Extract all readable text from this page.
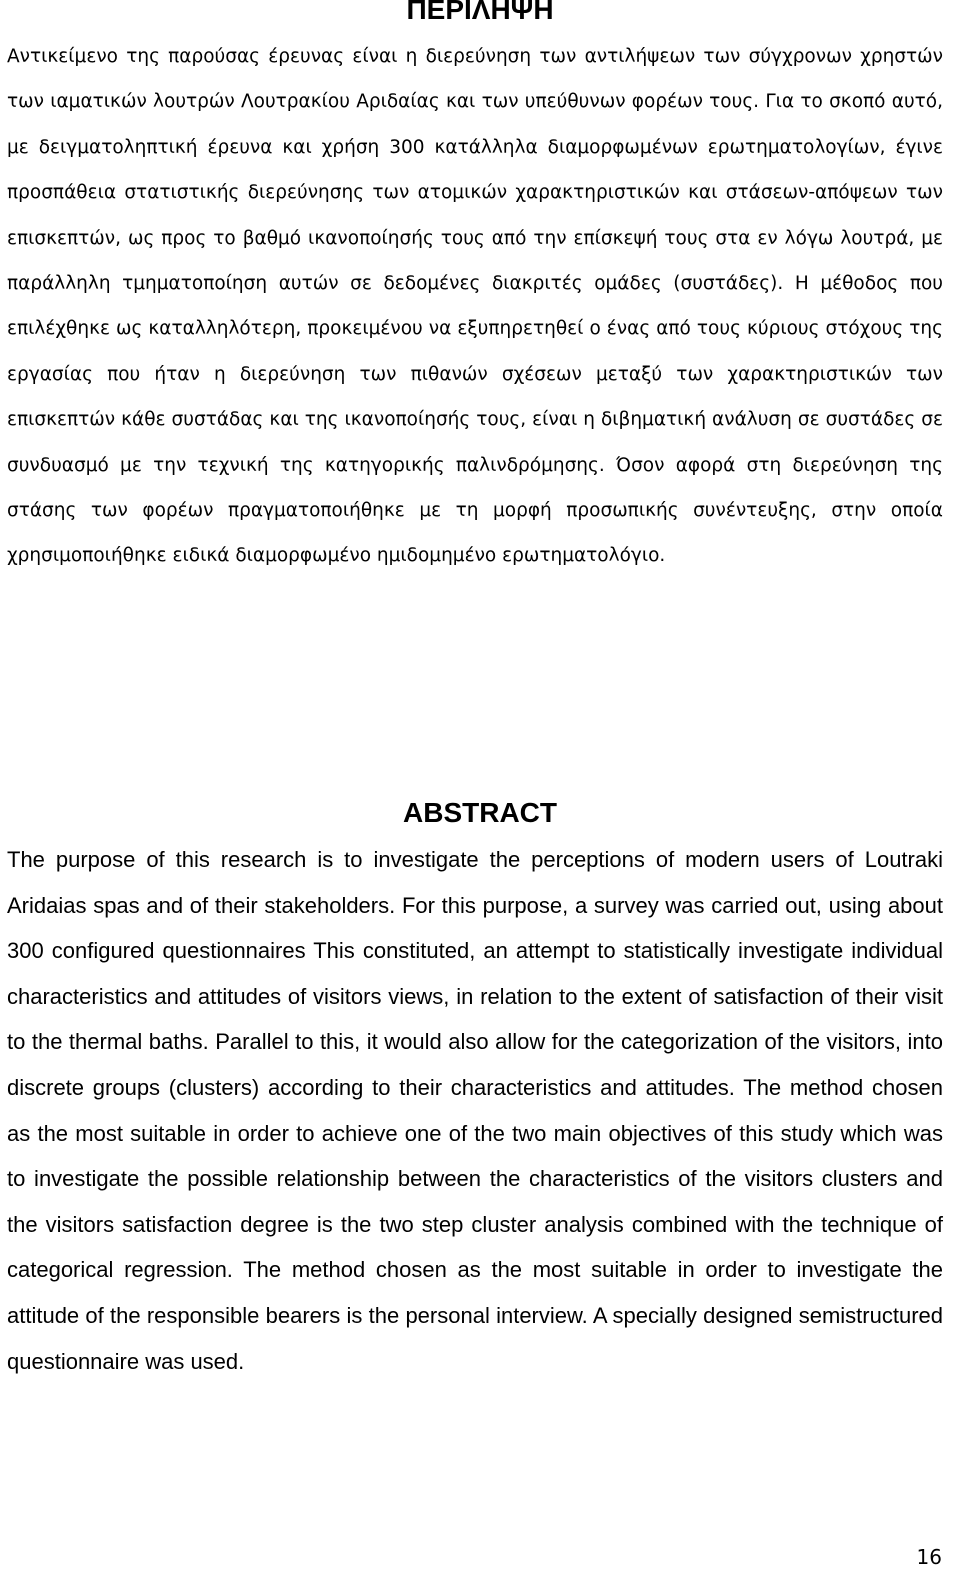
ΠΕΡΙΛΗΨΗ

Αντικείμενο της παρούσας έρευνας είναι η διερεύνηση των αντιλήψεων των σύγχρονων χρηστών των ιαματικών λουτρών Λουτρακίου Αριδαίας και των υπεύθυνων φορέων τους. Για το σκοπό αυτό, με δειγματοληπτική έρευνα και χρήση 300 κατάλληλα διαμορφωμένων ερωτηματολογίων, έγινε προσπάθεια στατιστικής διερεύνησης των ατομικών χαρακτηριστικών και στάσεων-απόψεων των επισκεπτών, ως προς το βαθμό ικανοποίησής τους από την επίσκεψή τους στα εν λόγω λουτρά, με παράλληλη τμηματοποίηση αυτών σε δεδομένες διακριτές ομάδες (συστάδες). Η μέθοδος που επιλέχθηκε ως καταλληλότερη, προκειμένου να εξυπηρετηθεί ο ένας από τους κύριους στόχους της εργασίας που ήταν η διερεύνηση των πιθανών σχέσεων μεταξύ των χαρακτηριστικών των επισκεπτών κάθε συστάδας και της ικανοποίησής τους, είναι η διβηματική ανάλυση σε συστάδες σε συνδυασμό με την τεχνική της κατηγορικής παλινδρόμησης. Όσον αφορά στη διερεύνηση της στάσης των φορέων πραγματοποιήθηκε με τη μορφή προσωπικής συνέντευξης, στην οποία χρησιμοποιήθηκε ειδικά διαμορφωμένο ημιδομημένο ερωτηματολόγιο.

ABSTRACT

The purpose of this research is to investigate the perceptions of modern users of Loutraki Aridaias spas and of their stakeholders. For this purpose, a survey was carried out, using about 300 configured questionnaires This constituted, an attempt to statistically investigate individual characteristics and attitudes of visitors views, in relation to the extent of satisfaction of their visit to the thermal baths. Parallel to this, it would also allow for the categorization of the visitors, into discrete groups (clusters) according to their characteristics and attitudes. The method chosen as the most suitable in order to achieve one of the two main objectives of this study which was to investigate the possible relationship between the characteristics of the visitors clusters and the visitors satisfaction degree is the two step cluster analysis combined with the technique of categorical regression. The method chosen as the most suitable in order to investigate the attitude of the responsible bearers is the personal interview. A specially designed semistructured questionnaire was used.

16
